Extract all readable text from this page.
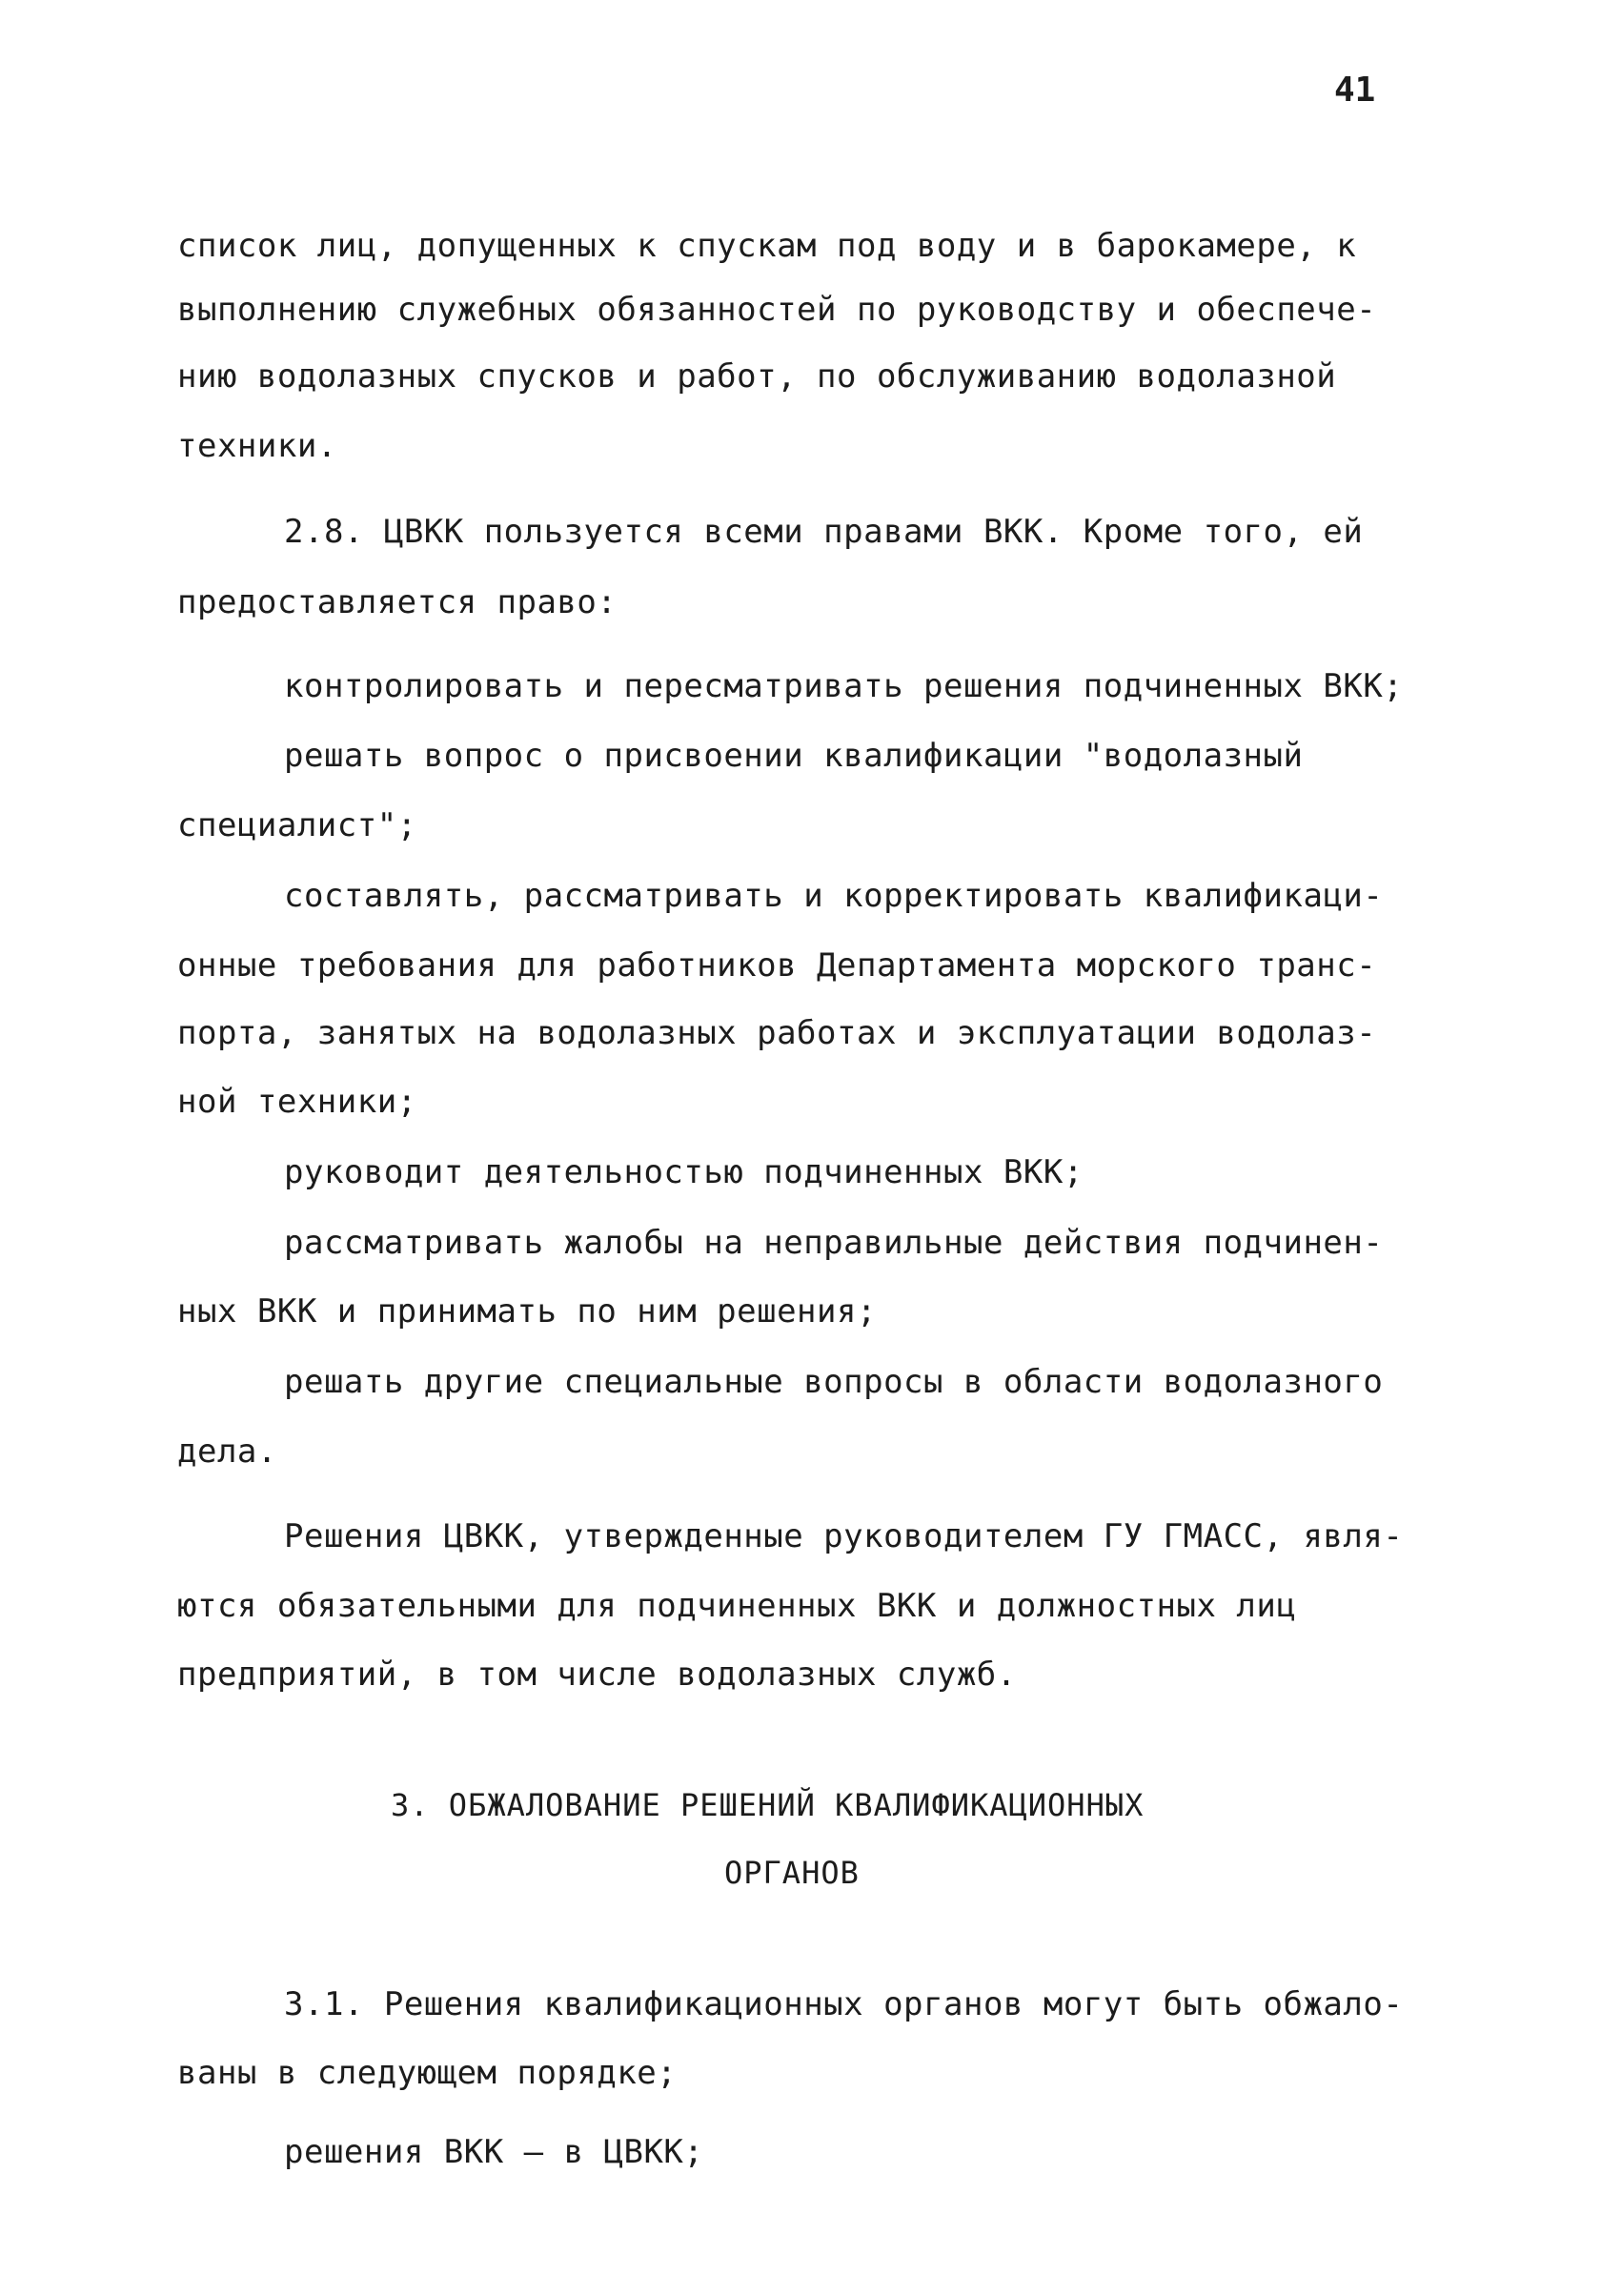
41
список лиц, допущенных к спускам под воду и в барокамере, к
выполнению служебных обязанностей по руководству и обеспече-
нию водолазных спусков и работ, по обслуживанию водолазной
техники.
2.8. ЦВКК пользуется всеми правами ВКК. Кроме того, ей
предоставляется право:
контролировать и пересматривать решения подчиненных ВКК;
решать вопрос о присвоении квалификации "водолазный
специалист";
составлять, рассматривать и корректировать квалификаци-
онные требования для работников Департамента морского транс-
порта, занятых на водолазных работах и эксплуатации водолаз-
ной техники;
руководит деятельностью подчиненных ВКК;
рассматривать жалобы на неправильные действия подчинен-
ных ВКК и принимать по ним решения;
решать другие специальные вопросы в области водолазного
дела.
Решения ЦВКК, утвержденные руководителем ГУ ГМАСС, явля-
ются обязательными для подчиненных ВКК и должностных лиц
предприятий, в том числе водолазных служб.
3. ОБЖАЛОВАНИЕ РЕШЕНИЙ КВАЛИФИКАЦИОННЫХ
ОРГАНОВ
3.1. Решения квалификационных органов могут быть обжало-
ваны в следующем порядке;
решения ВКК — в ЦВКК;
